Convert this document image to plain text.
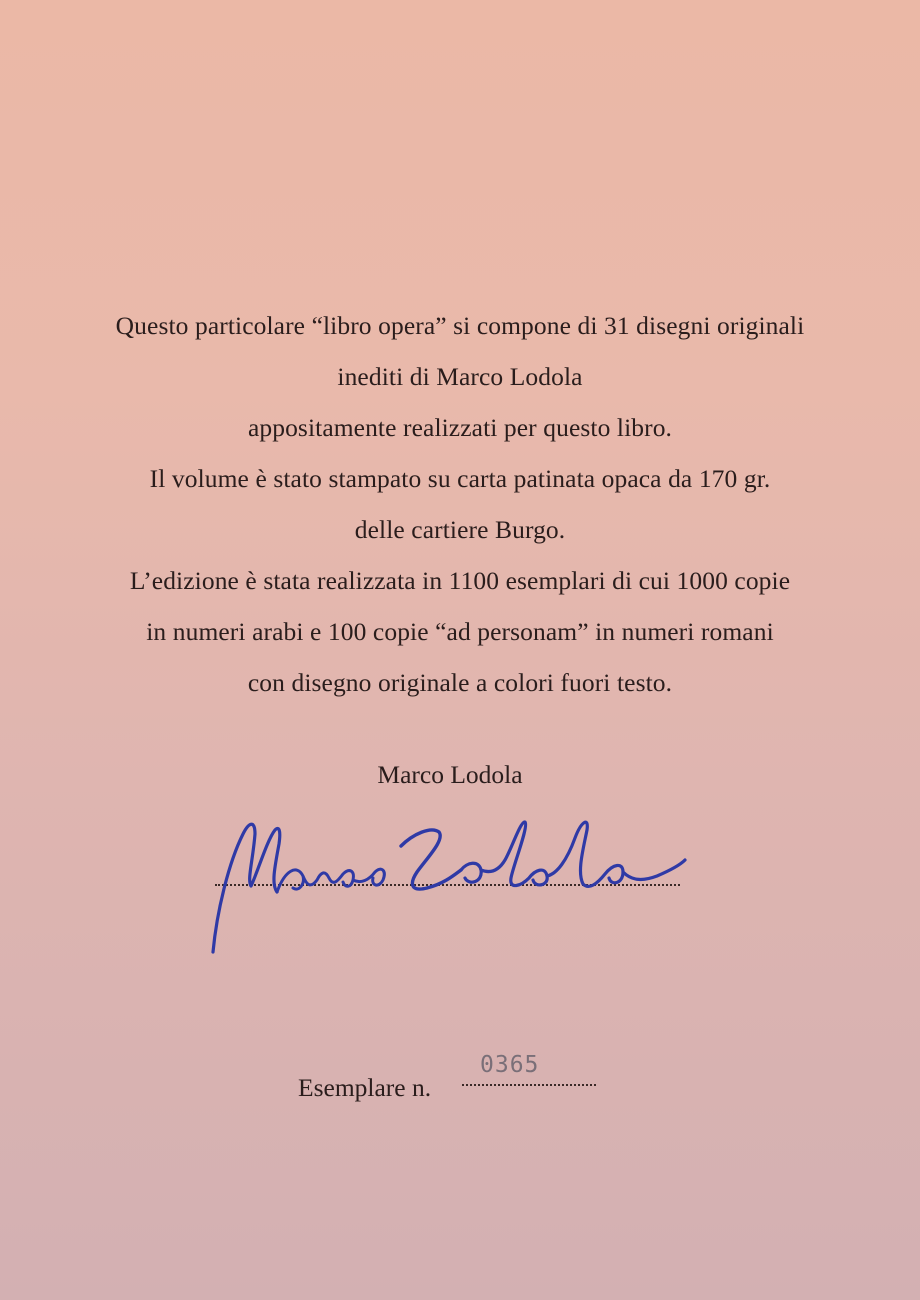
Questo particolare “libro opera” si compone di 31 disegni originali
inediti di Marco Lodola
appositamente realizzati per questo libro.
Il volume è stato stampato su carta patinata opaca da 170 gr.
delle cartiere Burgo.
L’edizione è stata realizzata in 1100 esemplari di cui 1000 copie
in numeri arabi e 100 copie “ad personam” in numeri romani
con disegno originale a colori fuori testo.
Marco Lodola
Esemplare n.
0365
